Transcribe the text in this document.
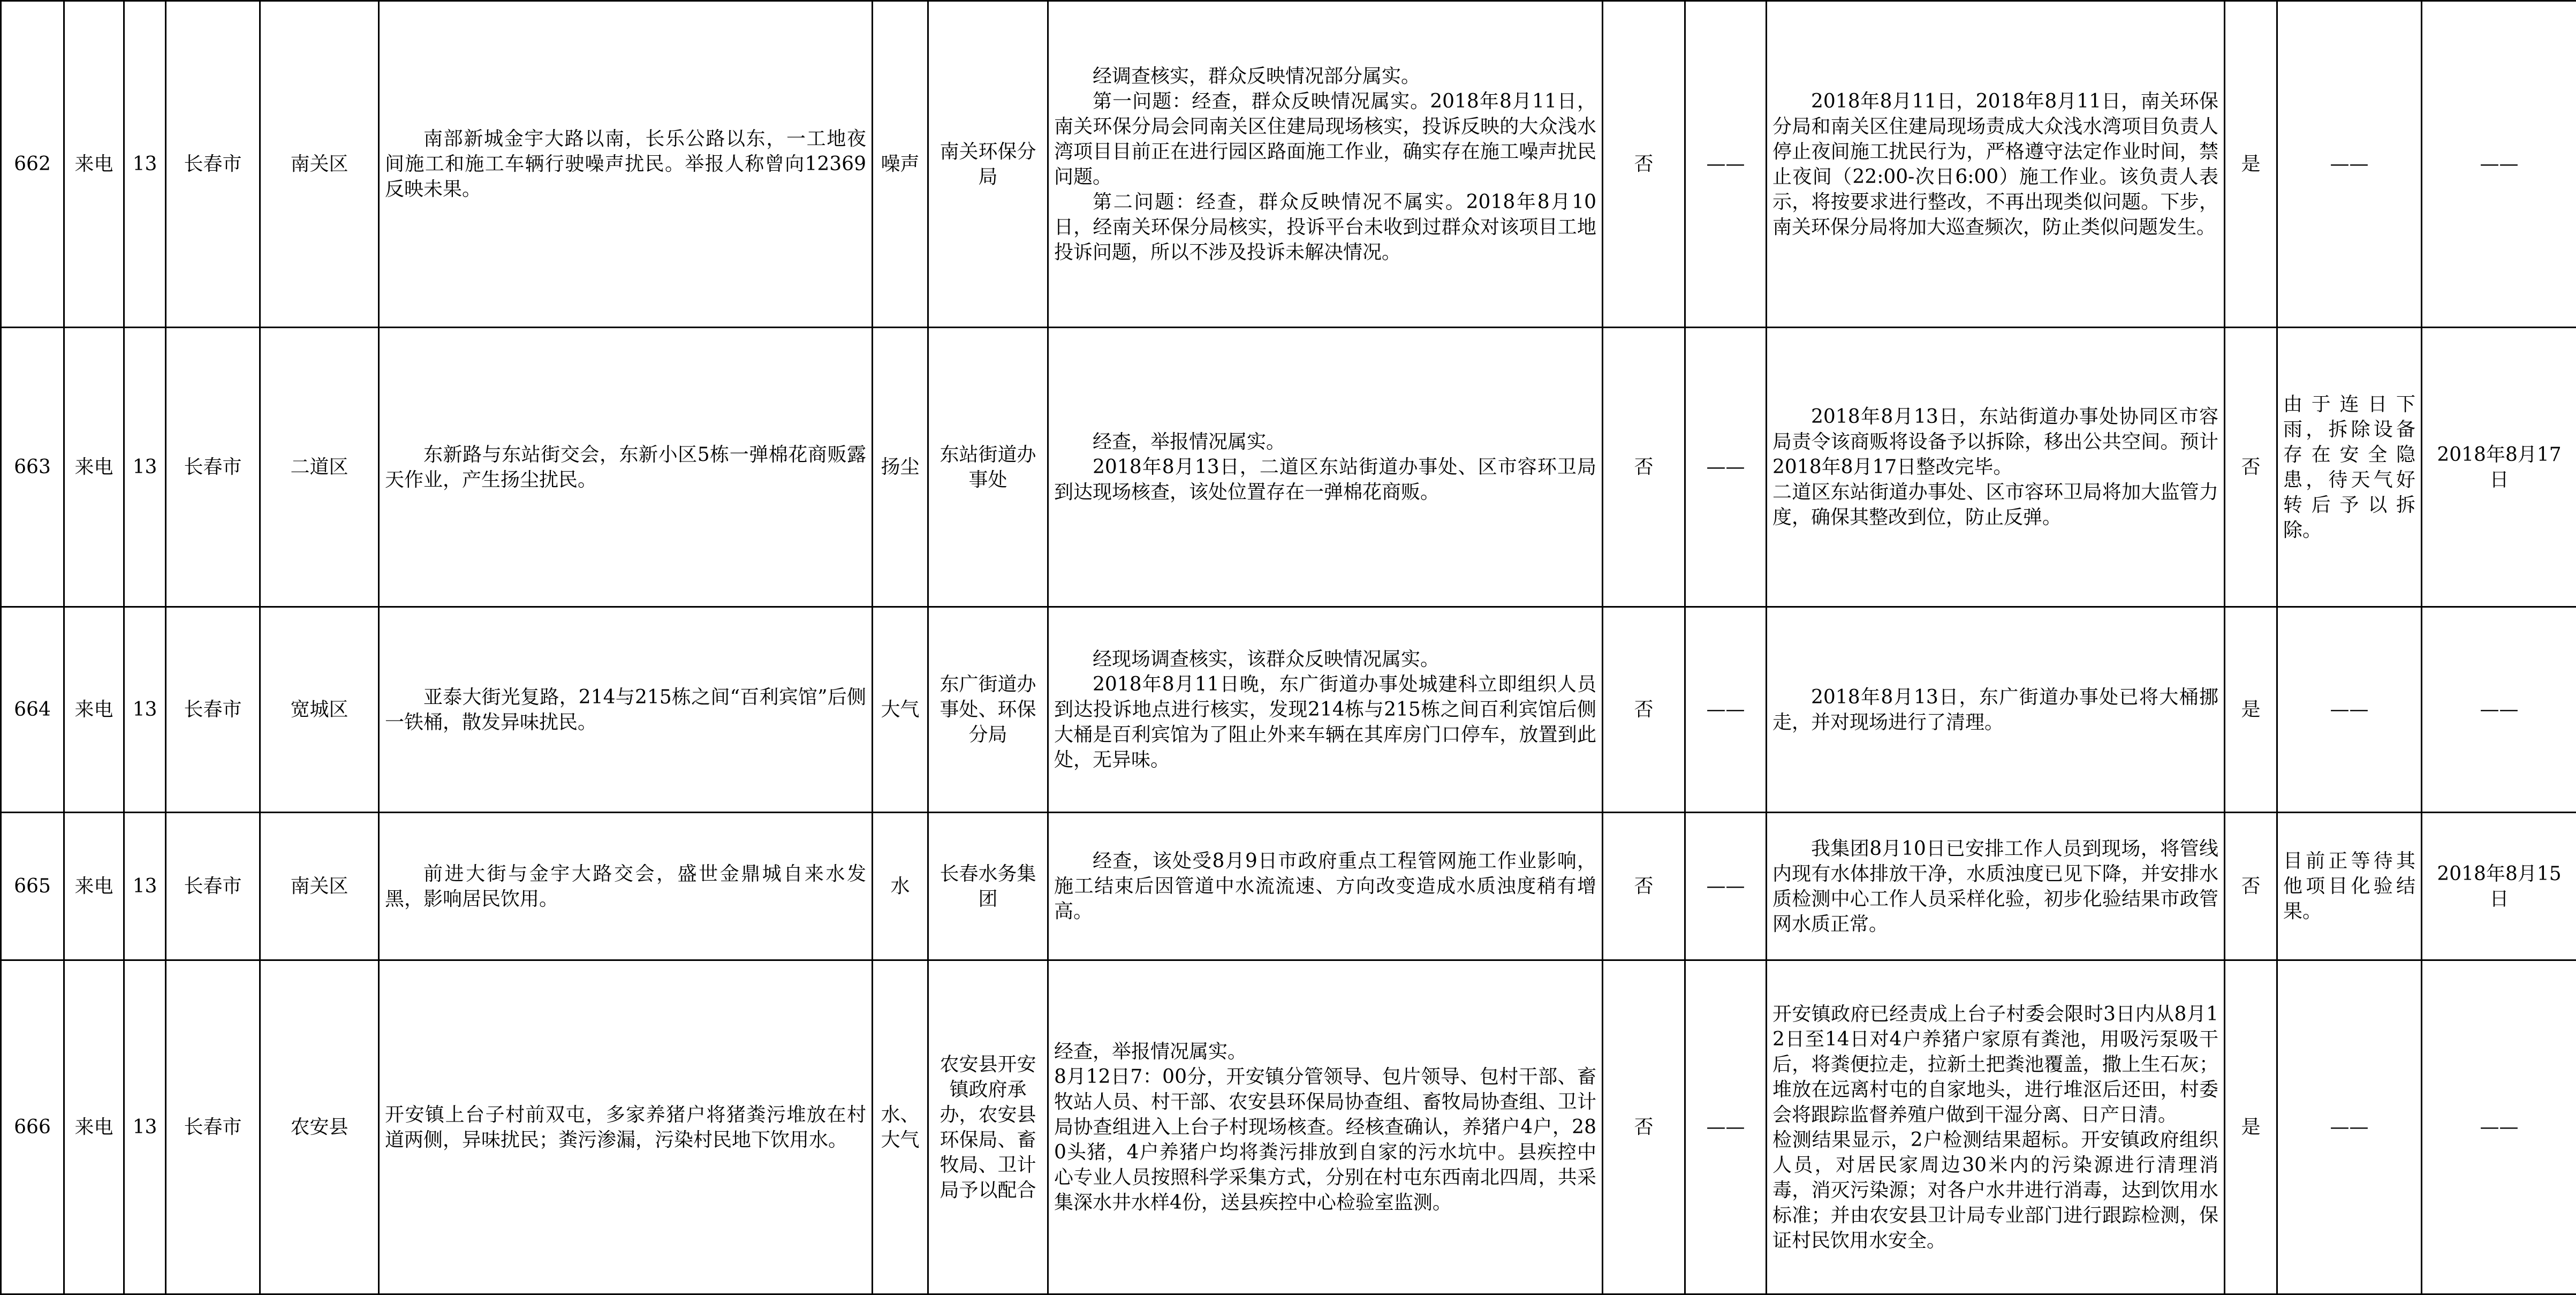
662	来电	13	长春市	南关区	南部新城金宇大路以南，长乐公路以东，一工地夜间施工和施工车辆行驶噪声扰民。举报人称曾向12369反映未果。	噪声	南关环保分局	经调查核实，群众反映情况部分属实。
第一问题：经查，群众反映情况属实。2018年8月11日，南关环保分局会同南关区住建局现场核实，投诉反映的大众浅水湾项目目前正在进行园区路面施工作业，确实存在施工噪声扰民问题。
第二问题：经查，群众反映情况不属实。2018年8月10日，经南关环保分局核实，投诉平台未收到过群众对该项目工地投诉问题，所以不涉及投诉未解决情况。	否	——	2018年8月11日，2018年8月11日，南关环保分局和南关区住建局现场责成大众浅水湾项目负责人停止夜间施工扰民行为，严格遵守法定作业时间，禁止夜间（22:00-次日6:00）施工作业。该负责人表示，将按要求进行整改，不再出现类似问题。下步，南关环保分局将加大巡查频次，防止类似问题发生。	是	——	——
663	来电	13	长春市	二道区	东新路与东站街交会，东新小区5栋一弹棉花商贩露天作业，产生扬尘扰民。	扬尘	东站街道办事处	经查，举报情况属实。
2018年8月13日，二道区东站街道办事处、区市容环卫局到达现场核查，该处位置存在一弹棉花商贩。	否	——	2018年8月13日，东站街道办事处协同区市容局责令该商贩将设备予以拆除，移出公共空间。预计2018年8月17日整改完毕。
二道区东站街道办事处、区市容环卫局将加大监管力度，确保其整改到位，防止反弹。	否	由于连日下雨，拆除设备存在安全隐患，待天气好转后予以拆除。	2018年8月17日
664	来电	13	长春市	宽城区	亚泰大街光复路，214与215栋之间“百利宾馆”后侧一铁桶，散发异味扰民。	大气	东广街道办事处、环保分局	经现场调查核实，该群众反映情况属实。
2018年8月11日晚，东广街道办事处城建科立即组织人员到达投诉地点进行核实，发现214栋与215栋之间百利宾馆后侧大桶是百利宾馆为了阻止外来车辆在其库房门口停车，放置到此处，无异味。	否	——	2018年8月13日，东广街道办事处已将大桶挪走，并对现场进行了清理。	是	——	——
665	来电	13	长春市	南关区	前进大街与金宇大路交会，盛世金鼎城自来水发黑，影响居民饮用。	水	长春水务集团	经查，该处受8月9日市政府重点工程管网施工作业影响，施工结束后因管道中水流流速、方向改变造成水质浊度稍有增高。	否	——	我集团8月10日已安排工作人员到现场，将管线内现有水体排放干净，水质浊度已见下降，并安排水质检测中心工作人员采样化验，初步化验结果市政管网水质正常。	否	目前正等待其他项目化验结果。	2018年8月15日
666	来电	13	长春市	农安县	开安镇上台子村前双屯，多家养猪户将猪粪污堆放在村道两侧，异味扰民；粪污渗漏，污染村民地下饮用水。	水、大气	农安县开安镇政府承办，农安县环保局、畜牧局、卫计局予以配合	经查，举报情况属实。
8月12日7：00分，开安镇分管领导、包片领导、包村干部、畜牧站人员、村干部、农安县环保局协查组、畜牧局协查组、卫计局协查组进入上台子村现场核查。经核查确认，养猪户4户，280头猪，4户养猪户均将粪污排放到自家的污水坑中。县疾控中心专业人员按照科学采集方式，分别在村屯东西南北四周，共采集深水井水样4份，送县疾控中心检验室监测。	否	——	开安镇政府已经责成上台子村委会限时3日内从8月12日至14日对4户养猪户家原有粪池，用吸污泵吸干后，将粪便拉走，拉新土把粪池覆盖，撒上生石灰；堆放在远离村屯的自家地头，进行堆沤后还田，村委会将跟踪监督养殖户做到干湿分离、日产日清。
检测结果显示，2户检测结果超标。开安镇政府组织人员，对居民家周边30米内的污染源进行清理消毒，消灭污染源；对各户水井进行消毒，达到饮用水标准；并由农安县卫计局专业部门进行跟踪检测，保证村民饮用水安全。	是	——	——
